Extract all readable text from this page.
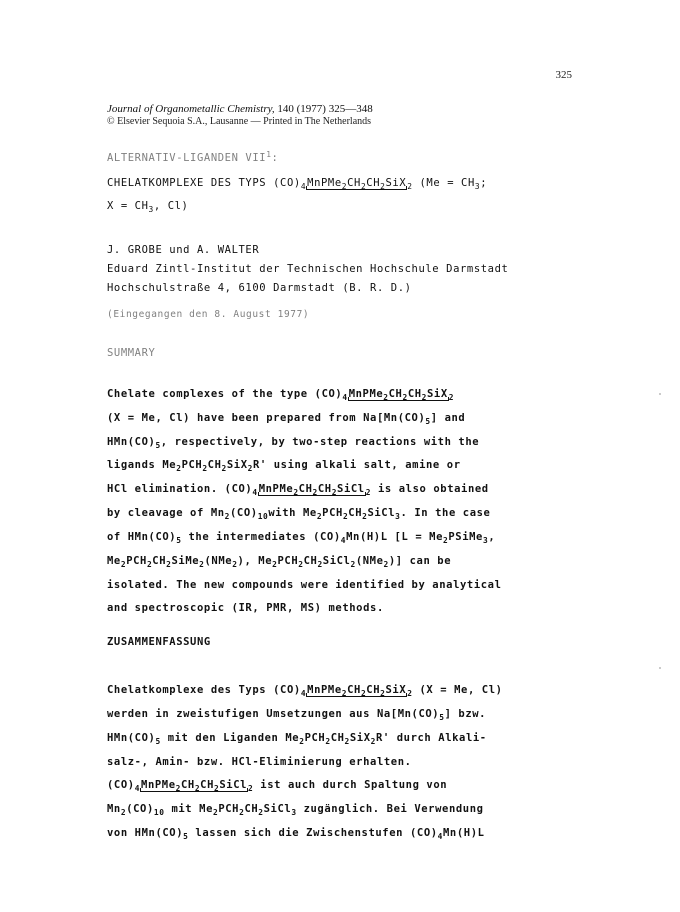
325
Journal of Organometallic Chemistry, 140 (1977) 325—348
© Elsevier Sequoia S.A., Lausanne — Printed in The Netherlands
ALTERNATIV-LIGANDEN VII$^1$:
CHELATKOMPLEXE DES TYPS $(CO)_4MnPMe_2CH_2CH_2SiX_2$ ($Me = CH_3$;
$X = CH_3$, Cl)
J. GROBE und A. WALTER
Eduard Zintl-Institut der Technischen Hochschule Darmstadt
Hochschulstraße 4, 6100 Darmstadt (B. R. D.)
(Eingegangen den 8. August 1977)
SUMMARY
Chelate complexes of the type $(CO)_4MnPMe_2CH_2CH_2SiX_2$
(X = Me, Cl) have been prepared from $Na[Mn(CO)_5]$ and
$HMn(CO)_5$, respectively, by two-step reactions with the
ligands $Me_2PCH_2CH_2SiX_2R'$ using alkali salt, amine or
HCl elimination. $(CO)_4MnPMe_2CH_2CH_2SiCl_2$ is also obtained
by cleavage of $Mn_2(CO)_{10}with$ $Me_2PCH_2CH_2SiCl_3$. In the case
of $HMn(CO)_5$ the intermediates $(CO)_4Mn(H)L$ [$L = Me_2PSiMe_3$,
$Me_2PCH_2CH_2SiMe_2(NMe_2)$, $Me_2PCH_2CH_2SiCl_2(NMe_2)$] can be
isolated. The new compounds were identified by analytical
and spectroscopic (IR, PMR, MS) methods.
ZUSAMMENFASSUNG
Chelatkomplexe des Typs $(CO)_4MnPMe_2CH_2CH_2SiX_2$ (X = Me, Cl)
werden in zweistufigen Umsetzungen aus $Na[Mn(CO)_5]$ bzw.
$HMn(CO)_5$ mit den Liganden $Me_2PCH_2CH_2SiX_2R'$ durch Alkali-
salz-, Amin- bzw. HCl-Eliminierung erhalten.
$(CO)_4MnPMe_2CH_2CH_2SiCl_2$ ist auch durch Spaltung von
$Mn_2(CO)_{10}$ mit $Me_2PCH_2CH_2SiCl_3$ zugänglich. Bei Verwendung
von $HMn(CO)_5$ lassen sich die Zwischenstufen $(CO)_4Mn(H)L$
